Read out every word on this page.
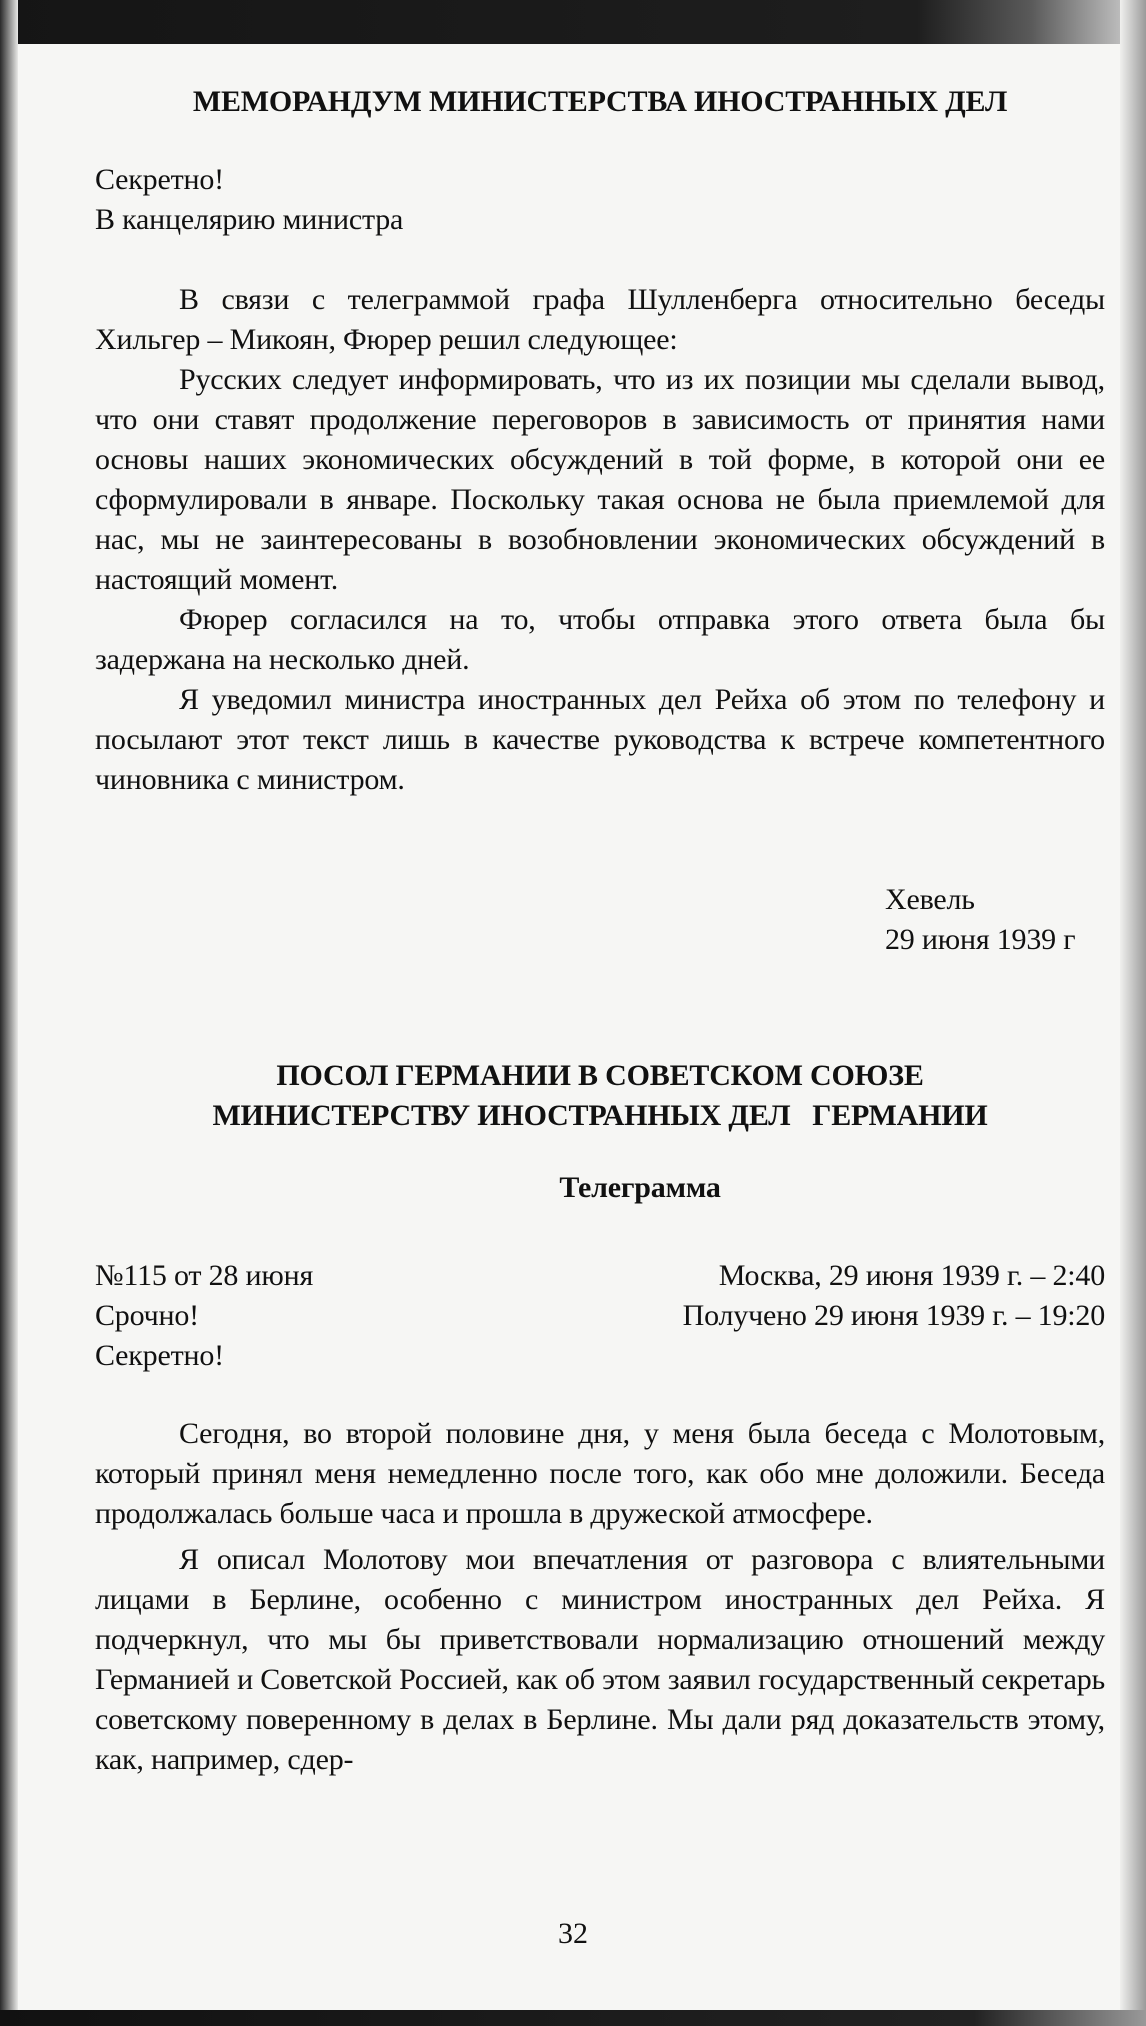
МЕМОРАНДУМ МИНИСТЕРСТВА ИНОСТРАННЫХ ДЕЛ

Секретно!

В канцелярию министра

В связи с телеграммой графа Шулленберга относительно беседы Хильгер – Микоян, Фюрер решил следующее:

Русских следует информировать, что из их позиции мы сделали вывод, что они ставят продолжение переговоров в зависимость от принятия нами основы наших экономических обсуждений в той форме, в которой они ее сформулировали в январе. Поскольку такая основа не была приемлемой для нас, мы не заинтересованы в возобновлении экономических обсуждений в настоящий момент.

Фюрер согласился на то, чтобы отправка этого ответа была бы задержана на несколько дней.

Я уведомил министра иностранных дел Рейха об этом по телефону и посылают этот текст лишь в качестве руководства к встрече компетентного чиновника с министром.

Хевель

29 июня 1939 г

ПОСОЛ ГЕРМАНИИ В СОВЕТСКОМ СОЮЗЕ

МИНИСТЕРСТВУ ИНОСТРАННЫХ ДЕЛ   ГЕРМАНИИ

Телеграмма

№115 от 28 июня	Москва, 29 июня 1939 г. – 2:40
Срочно!	Получено 29 июня 1939 г. – 19:20

Секретно!

Сегодня, во второй половине дня, у меня была беседа с Молотовым, который принял меня немедленно после того, как обо мне доложили. Беседа продолжалась больше часа и прошла в дружеской атмосфере.

Я описал Молотову мои впечатления от разговора с влиятельными лицами в Берлине, особенно с министром иностранных дел Рейха. Я подчеркнул, что мы бы приветствовали нормализацию отношений между Германией и Советской Россией, как об этом заявил государственный секретарь советскому поверенному в делах в Берлине. Мы дали ряд доказательств этому, как, например, сдер-

32
